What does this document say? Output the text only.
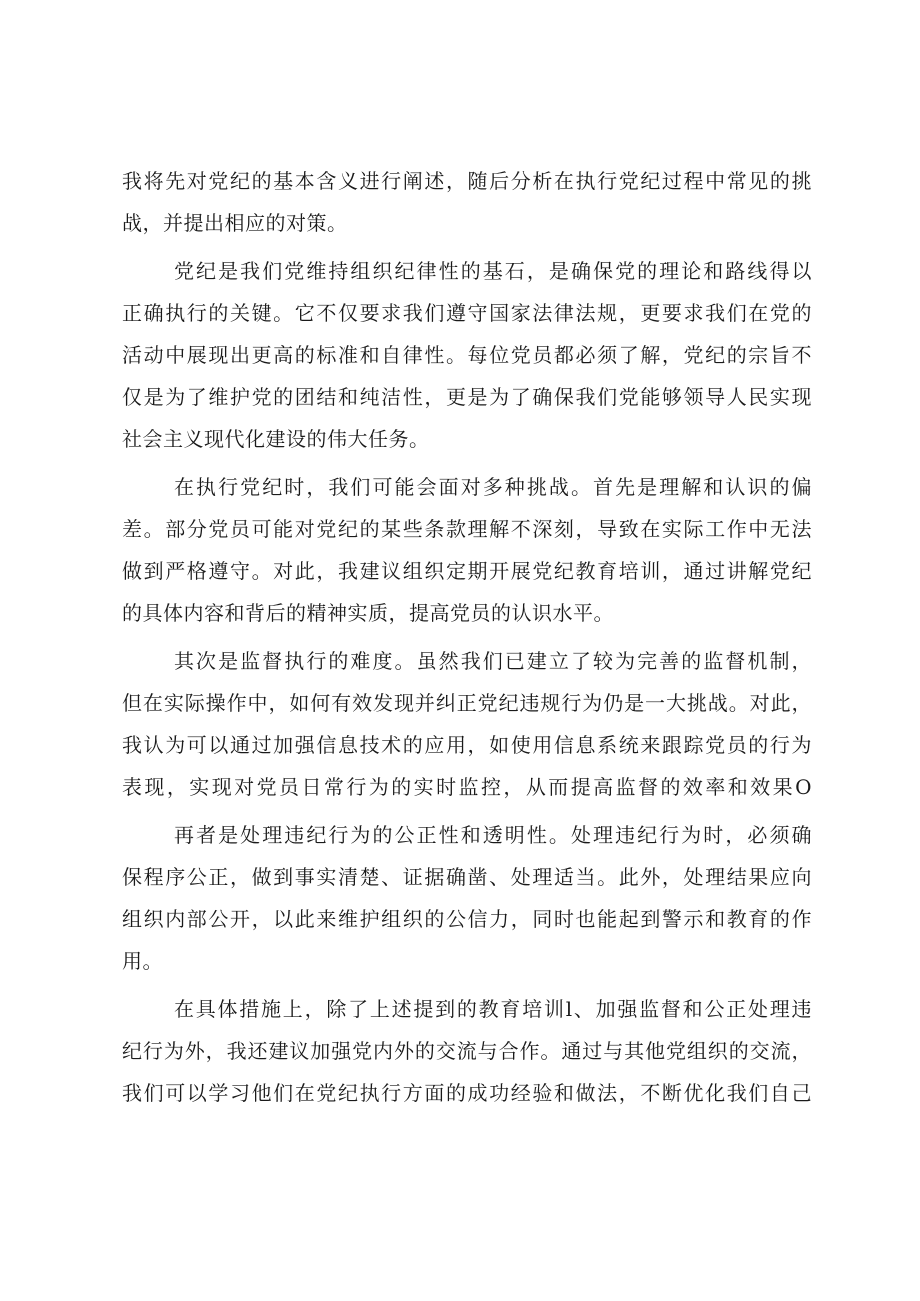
我将先对党纪的基本含义进行阐述，随后分析在执行党纪过程中常见的挑
战，并提出相应的对策。
党纪是我们党维持组织纪律性的基石，是确保党的理论和路线得以
正确执行的关键。它不仅要求我们遵守国家法律法规，更要求我们在党的
活动中展现出更高的标准和自律性。每位党员都必须了解，党纪的宗旨不
仅是为了维护党的团结和纯洁性，更是为了确保我们党能够领导人民实现
社会主义现代化建设的伟大任务。
在执行党纪时，我们可能会面对多种挑战。首先是理解和认识的偏
差。部分党员可能对党纪的某些条款理解不深刻，导致在实际工作中无法
做到严格遵守。对此，我建议组织定期开展党纪教育培训，通过讲解党纪
的具体内容和背后的精神实质，提高党员的认识水平。
其次是监督执行的难度。虽然我们已建立了较为完善的监督机制，
但在实际操作中，如何有效发现并纠正党纪违规行为仍是一大挑战。对此，
我认为可以通过加强信息技术的应用，如使用信息系统来跟踪党员的行为
表现，实现对党员日常行为的实时监控，从而提高监督的效率和效果O
再者是处理违纪行为的公正性和透明性。处理违纪行为时，必须确
保程序公正，做到事实清楚、证据确凿、处理适当。此外，处理结果应向
组织内部公开，以此来维护组织的公信力，同时也能起到警示和教育的作
用。
在具体措施上，除了上述提到的教育培训l、加强监督和公正处理违
纪行为外，我还建议加强党内外的交流与合作。通过与其他党组织的交流，
我们可以学习他们在党纪执行方面的成功经验和做法，不断优化我们自己
